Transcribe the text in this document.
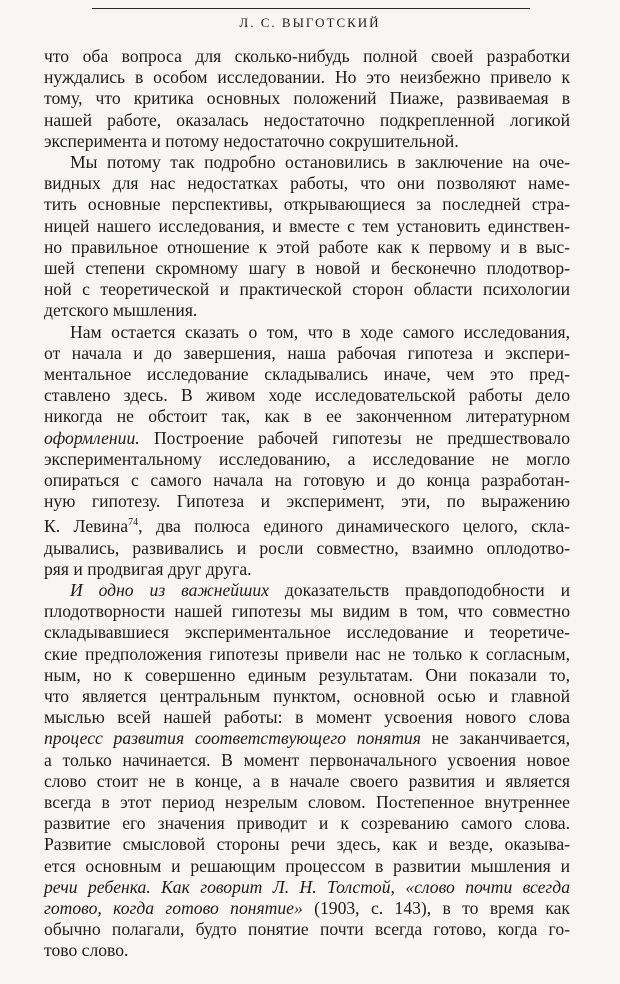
Л. С. ВЫГОТСКИЙ

что оба вопроса для сколько-нибудь полной своей разработки
нуждались в особом исследовании. Но это неизбежно привело к
тому, что критика основных положений Пиаже, развиваемая в
нашей работе, оказалась недостаточно подкрепленной логикой
эксперимента и потому недостаточно сокрушительной.

Мы потому так подробно остановились в заключение на оче-
видных для нас недостатках работы, что они позволяют наме-
тить основные перспективы, открывающиеся за последней стра-
ницей нашего исследования, и вместе с тем установить единствен-
но правильное отношение к этой работе как к первому и в выс-
шей степени скромному шагу в новой и бесконечно плодотвор-
ной с теоретической и практической сторон области психологии
детского мышления.

Нам остается сказать о том, что в ходе самого исследования,
от начала и до завершения, наша рабочая гипотеза и экспери-
ментальное исследование складывались иначе, чем это пред-
ставлено здесь. В живом ходе исследовательской работы дело
никогда не обстоит так, как в ее законченном литературном
оформлении. Построение рабочей гипотезы не предшествовало
экспериментальному исследованию, а исследование не могло
опираться с самого начала на готовую и до конца разработан-
ную гипотезу. Гипотеза и эксперимент, эти, по выражению
К. Левина$^{74}$, два полюса единого динамического целого, скла-
дывались, развивались и росли совместно, взаимно оплодотво-
ряя и продвигая друг друга.

И одно из важнейших доказательств правдоподобности и
плодотворности нашей гипотезы мы видим в том, что совместно
складывавшиеся экспериментальное исследование и теоретиче-
ские предположения гипотезы привели нас не только к согласным,
ным, но к совершенно единым результатам. Они показали то,
что является центральным пунктом, основной осью и главной
мыслью всей нашей работы: в момент усвоения нового слова
процесс развития соответствующего понятия не заканчивается,
а только начинается. В момент первоначального усвоения новое
слово стоит не в конце, а в начале своего развития и является
всегда в этот период незрелым словом. Постепенное внутреннее
развитие его значения приводит и к созреванию самого слова.
Развитие смысловой стороны речи здесь, как и везде, оказыва-
ется основным и решающим процессом в развитии мышления и
речи ребенка. Как говорит Л. Н. Толстой, «слово почти всегда
готово, когда готово понятие» (1903, с. 143), в то время как
обычно полагали, будто понятие почти всегда готово, когда го-
тово слово.
